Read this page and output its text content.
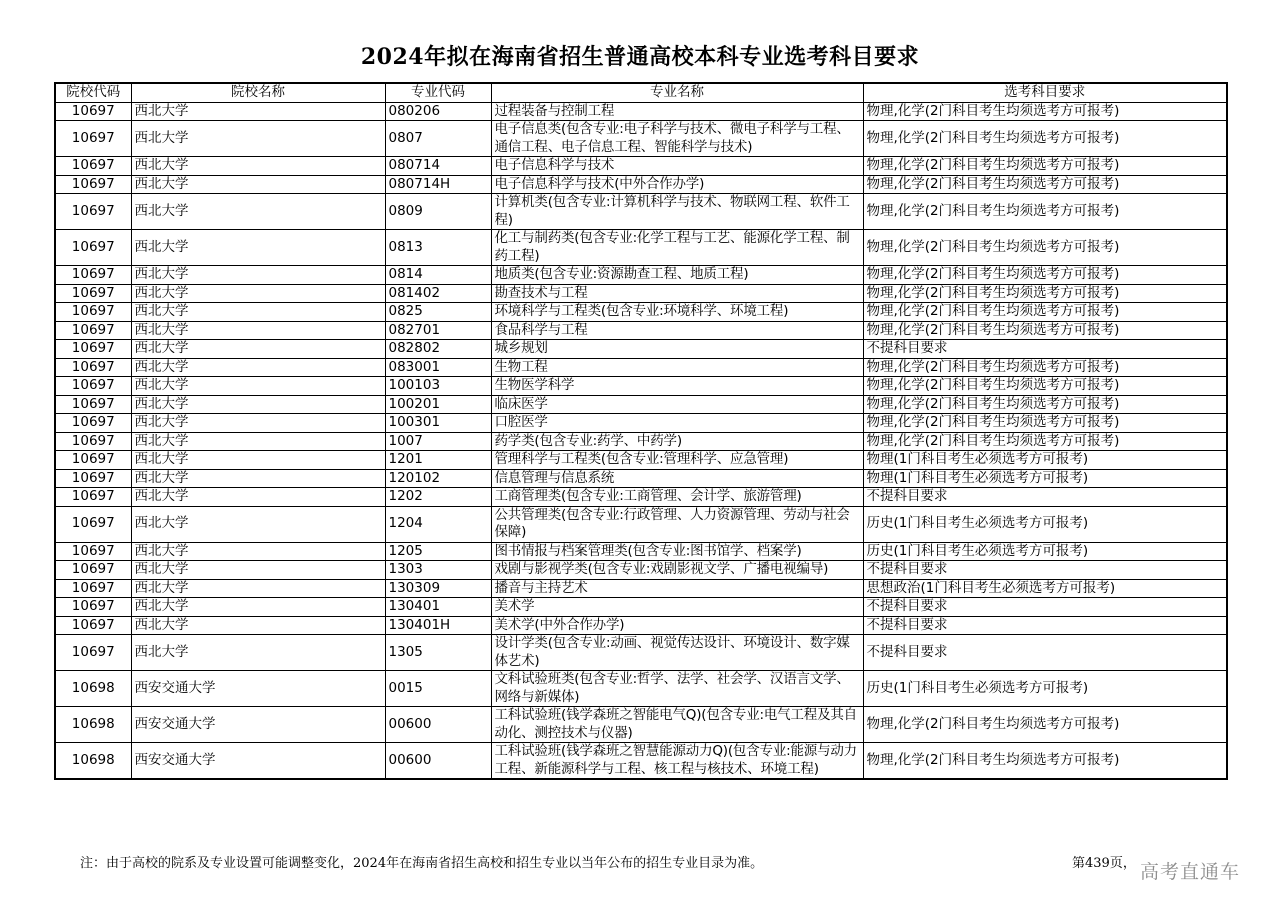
2024年拟在海南省招生普通高校本科专业选考科目要求
院校代码	院校名称	专业代码	专业名称	选考科目要求
10697	西北大学	080206	过程装备与控制工程	物理,化学(2门科目考生均须选考方可报考)
10697	西北大学	0807	电子信息类(包含专业:电子科学与技术、微电子科学与工程、通信工程、电子信息工程、智能科学与技术)	物理,化学(2门科目考生均须选考方可报考)
10697	西北大学	080714	电子信息科学与技术	物理,化学(2门科目考生均须选考方可报考)
10697	西北大学	080714H	电子信息科学与技术(中外合作办学)	物理,化学(2门科目考生均须选考方可报考)
10697	西北大学	0809	计算机类(包含专业:计算机科学与技术、物联网工程、软件工程)	物理,化学(2门科目考生均须选考方可报考)
10697	西北大学	0813	化工与制药类(包含专业:化学工程与工艺、能源化学工程、制药工程)	物理,化学(2门科目考生均须选考方可报考)
10697	西北大学	0814	地质类(包含专业:资源勘查工程、地质工程)	物理,化学(2门科目考生均须选考方可报考)
10697	西北大学	081402	勘查技术与工程	物理,化学(2门科目考生均须选考方可报考)
10697	西北大学	0825	环境科学与工程类(包含专业:环境科学、环境工程)	物理,化学(2门科目考生均须选考方可报考)
10697	西北大学	082701	食品科学与工程	物理,化学(2门科目考生均须选考方可报考)
10697	西北大学	082802	城乡规划	不提科目要求
10697	西北大学	083001	生物工程	物理,化学(2门科目考生均须选考方可报考)
10697	西北大学	100103	生物医学科学	物理,化学(2门科目考生均须选考方可报考)
10697	西北大学	100201	临床医学	物理,化学(2门科目考生均须选考方可报考)
10697	西北大学	100301	口腔医学	物理,化学(2门科目考生均须选考方可报考)
10697	西北大学	1007	药学类(包含专业:药学、中药学)	物理,化学(2门科目考生均须选考方可报考)
10697	西北大学	1201	管理科学与工程类(包含专业:管理科学、应急管理)	物理(1门科目考生必须选考方可报考)
10697	西北大学	120102	信息管理与信息系统	物理(1门科目考生必须选考方可报考)
10697	西北大学	1202	工商管理类(包含专业:工商管理、会计学、旅游管理)	不提科目要求
10697	西北大学	1204	公共管理类(包含专业:行政管理、人力资源管理、劳动与社会保障)	历史(1门科目考生必须选考方可报考)
10697	西北大学	1205	图书情报与档案管理类(包含专业:图书馆学、档案学)	历史(1门科目考生必须选考方可报考)
10697	西北大学	1303	戏剧与影视学类(包含专业:戏剧影视文学、广播电视编导)	不提科目要求
10697	西北大学	130309	播音与主持艺术	思想政治(1门科目考生必须选考方可报考)
10697	西北大学	130401	美术学	不提科目要求
10697	西北大学	130401H	美术学(中外合作办学)	不提科目要求
10697	西北大学	1305	设计学类(包含专业:动画、视觉传达设计、环境设计、数字媒体艺术)	不提科目要求
10698	西安交通大学	0015	文科试验班类(包含专业:哲学、法学、社会学、汉语言文学、网络与新媒体)	历史(1门科目考生必须选考方可报考)
10698	西安交通大学	00600	工科试验班(钱学森班之智能电气Q)(包含专业:电气工程及其自动化、测控技术与仪器)	物理,化学(2门科目考生均须选考方可报考)
10698	西安交通大学	00600	工科试验班(钱学森班之智慧能源动力Q)(包含专业:能源与动力工程、新能源科学与工程、核工程与核技术、环境工程)	物理,化学(2门科目考生均须选考方可报考)
注：由于高校的院系及专业设置可能调整变化，2024年在海南省招生高校和招生专业以当年公布的招生专业目录为准。	第439页， 高考直通车
